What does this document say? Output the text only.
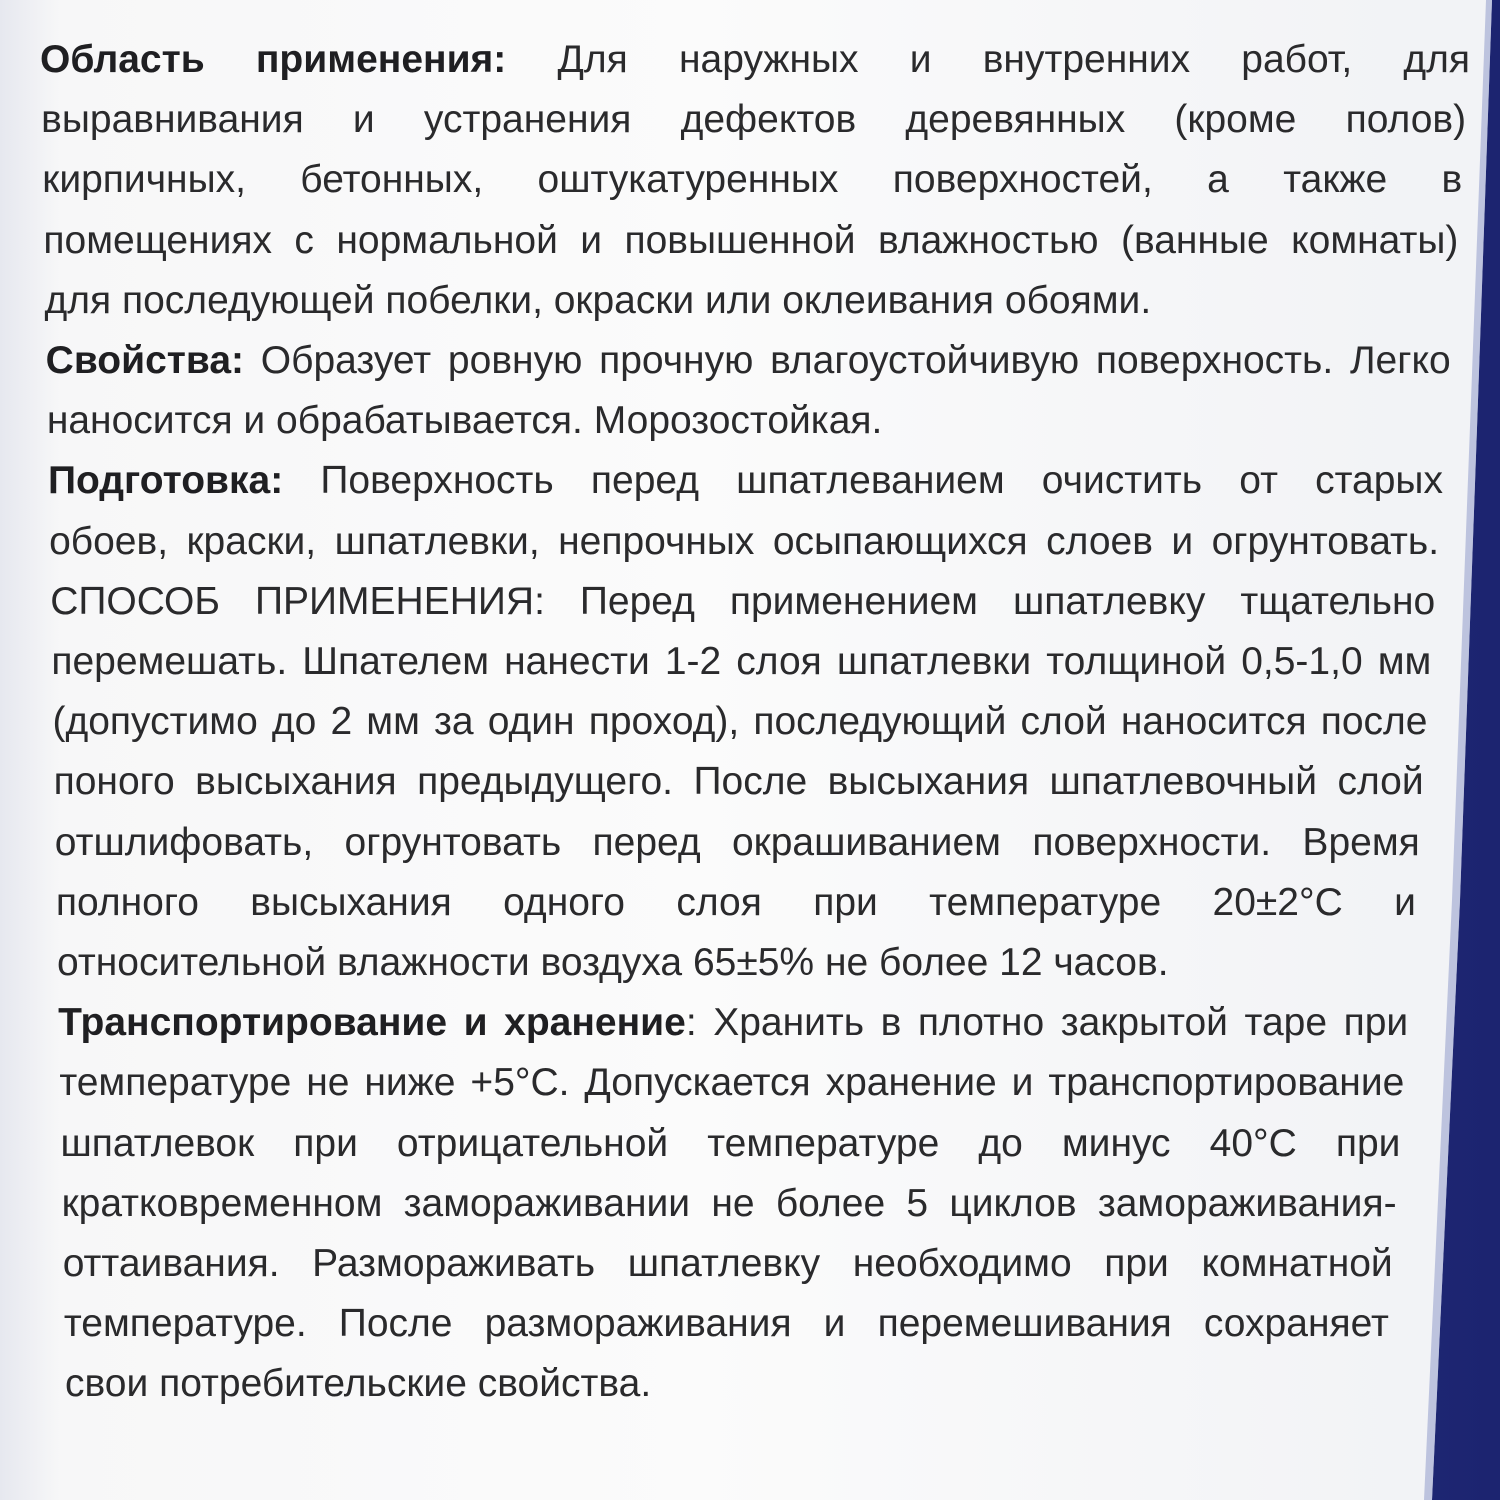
Область применения: Для наружных и внутренних работ, для
выравнивания и устранения дефектов деревянных (кроме полов)
кирпичных, бетонных, оштукатуренных поверхностей, а также в
помещениях с нормальной и повышенной влажностью (ванные комнаты)
для последующей побелки, окраски или оклеивания обоями.
Свойства: Образует ровную прочную влагоустойчивую поверхность. Легко
наносится и обрабатывается. Морозостойкая.
Подготовка: Поверхность перед шпатлеванием очистить от старых
обоев, краски, шпатлевки, непрочных осыпающихся слоев и огрунтовать.
СПОСОБ ПРИМЕНЕНИЯ: Перед применением шпатлевку тщательно
перемешать. Шпателем нанести 1-2 слоя шпатлевки толщиной 0,5-1,0 мм
(допустимо до 2 мм за один проход), последующий слой наносится после
поного высыхания предыдущего. После высыхания шпатлевочный слой
отшлифовать, огрунтовать перед окрашиванием поверхности. Время
полного высыхания одного слоя при температуре 20±2°С и
относительной влажности воздуха 65±5% не более 12 часов.
Транспортирование и хранение: Хранить в плотно закрытой таре при
температуре не ниже +5°С. Допускается хранение и транспортирование
шпатлевок при отрицательной температуре до минус 40°С при
кратковременном замораживании не более 5 циклов замораживания-
оттаивания. Размораживать шпатлевку необходимо при комнатной
температуре. После размораживания и перемешивания сохраняет
свои потребительские свойства.
